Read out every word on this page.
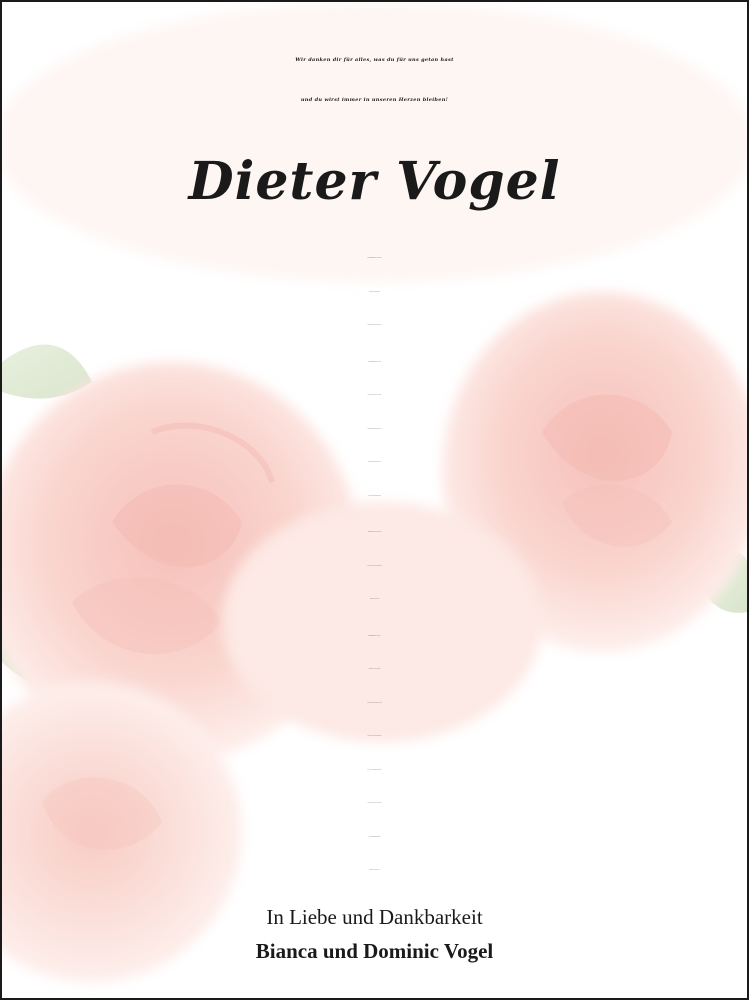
Wir danken dir für alles, was du für uns getan hast
und du wirst immer in unseren Herzen bleiben!
Dieter Vogel
In Liebe und Dankbarkeit
Bianca und Dominic Vogel
